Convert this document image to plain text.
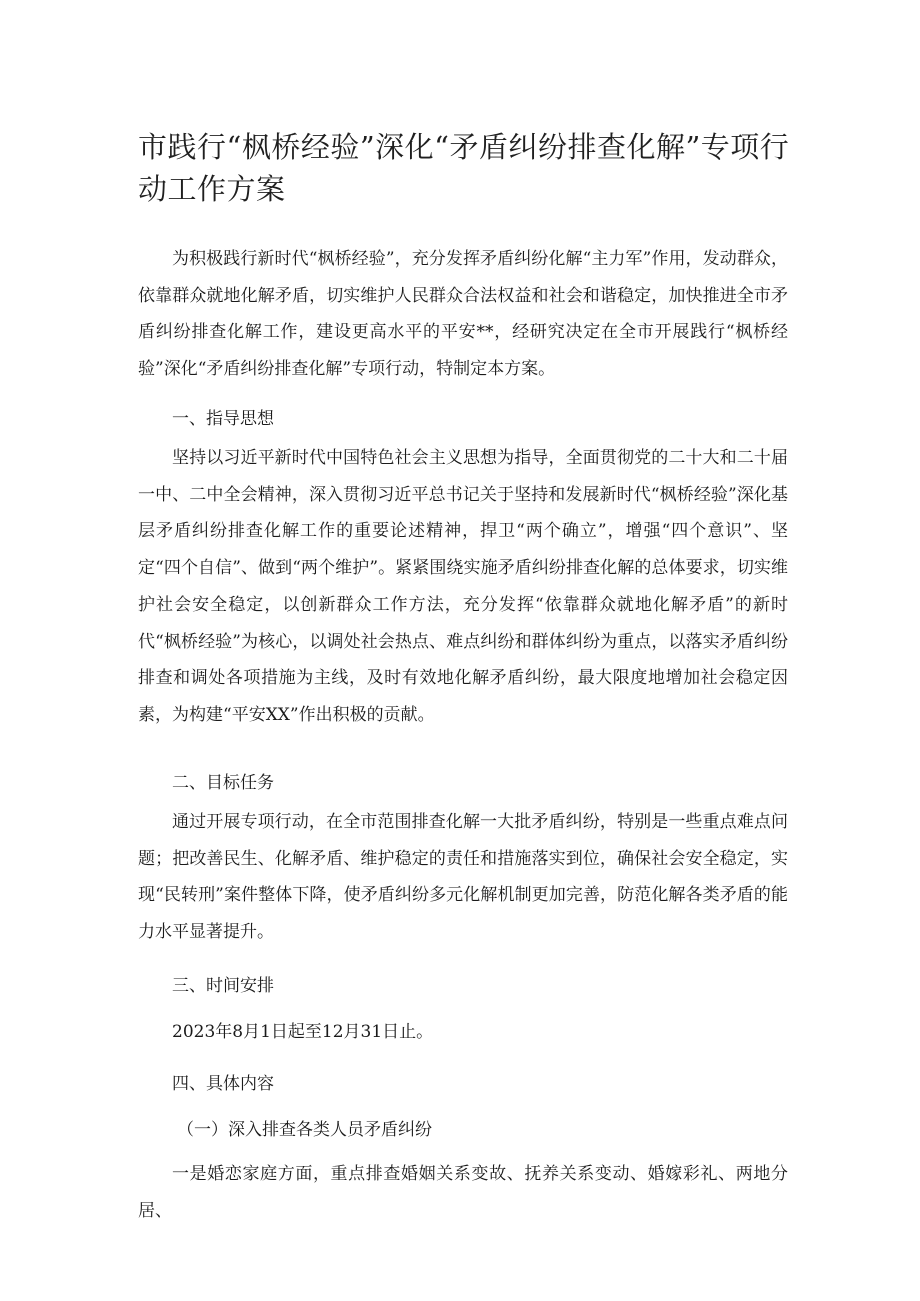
市践行“枫桥经验”深化“矛盾纠纷排查化解”专项行动工作方案

为积极践行新时代“枫桥经验”，充分发挥矛盾纠纷化解“主力军”作用，发动群众，依靠群众就地化解矛盾，切实维护人民群众合法权益和社会和谐稳定，加快推进全市矛盾纠纷排查化解工作，建设更高水平的平安**，经研究决定在全市开展践行“枫桥经验”深化“矛盾纠纷排查化解”专项行动，特制定本方案。

一、指导思想

坚持以习近平新时代中国特色社会主义思想为指导，全面贯彻党的二十大和二十届一中、二中全会精神，深入贯彻习近平总书记关于坚持和发展新时代“枫桥经验”深化基层矛盾纠纷排查化解工作的重要论述精神，捍卫“两个确立”，增强“四个意识”、坚定“四个自信”、做到“两个维护”。紧紧围绕实施矛盾纠纷排查化解的总体要求，切实维护社会安全稳定，以创新群众工作方法，充分发挥“依靠群众就地化解矛盾”的新时代“枫桥经验”为核心，以调处社会热点、难点纠纷和群体纠纷为重点，以落实矛盾纠纷排查和调处各项措施为主线，及时有效地化解矛盾纠纷，最大限度地增加社会稳定因素，为构建“平安XX”作出积极的贡献。

二、目标任务

通过开展专项行动，在全市范围排查化解一大批矛盾纠纷，特别是一些重点难点问题；把改善民生、化解矛盾、维护稳定的责任和措施落实到位，确保社会安全稳定，实现“民转刑”案件整体下降，使矛盾纠纷多元化解机制更加完善，防范化解各类矛盾的能力水平显著提升。

三、时间安排

2023年8月1日起至12月31日止。

四、具体内容

（一）深入排查各类人员矛盾纠纷

一是婚恋家庭方面，重点排查婚姻关系变故、抚养关系变动、婚嫁彩礼、两地分居、
